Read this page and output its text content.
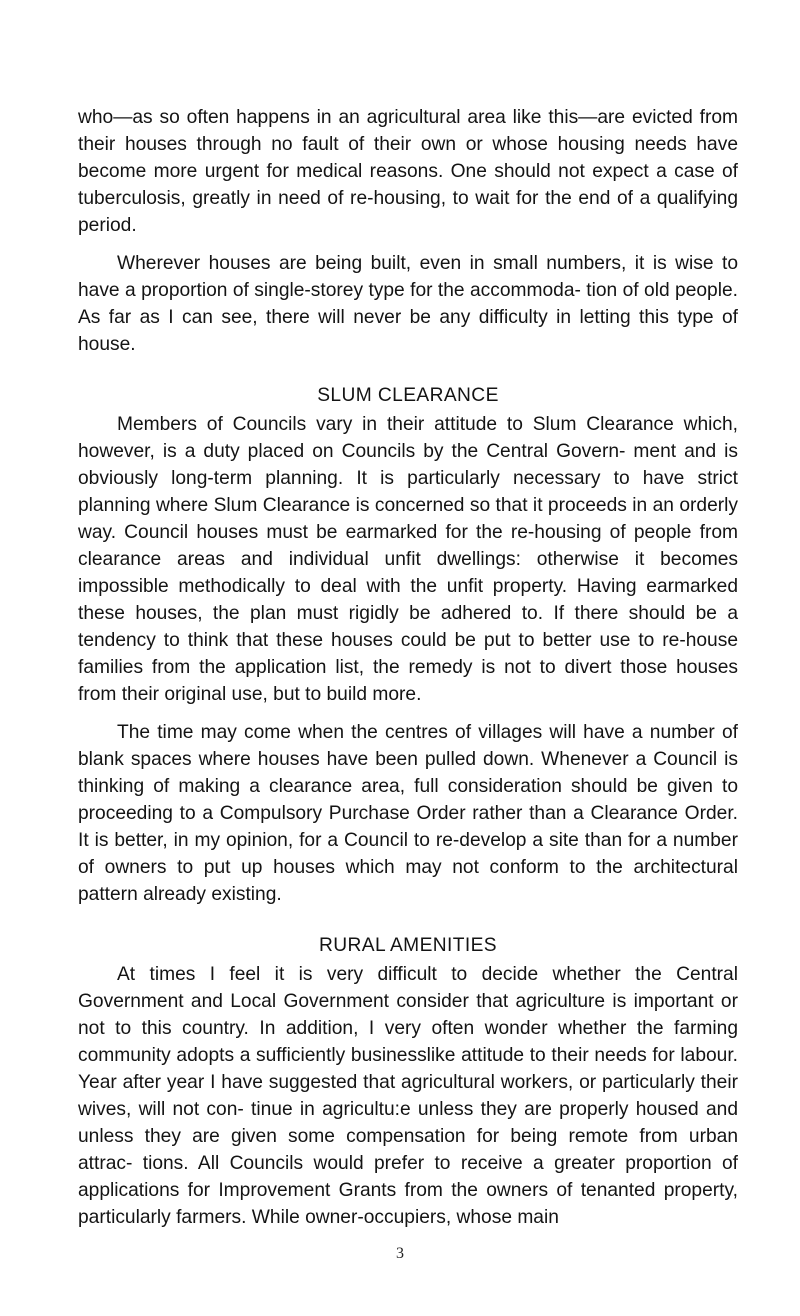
who—as so often happens in an agricultural area like this—are evicted from their houses through no fault of their own or whose housing needs have become more urgent for medical reasons. One should not expect a case of tuberculosis, greatly in need of re-housing, to wait for the end of a qualifying period.

Wherever houses are being built, even in small numbers, it is wise to have a proportion of single-storey type for the accommoda- tion of old people. As far as I can see, there will never be any difficulty in letting this type of house.

SLUM CLEARANCE

Members of Councils vary in their attitude to Slum Clearance which, however, is a duty placed on Councils by the Central Govern- ment and is obviously long-term planning. It is particularly necessary to have strict planning where Slum Clearance is concerned so that it proceeds in an orderly way. Council houses must be earmarked for the re-housing of people from clearance areas and individual unfit dwellings: otherwise it becomes impossible methodically to deal with the unfit property. Having earmarked these houses, the plan must rigidly be adhered to. If there should be a tendency to think that these houses could be put to better use to re-house families from the application list, the remedy is not to divert those houses from their original use, but to build more.

The time may come when the centres of villages will have a number of blank spaces where houses have been pulled down. Whenever a Council is thinking of making a clearance area, full consideration should be given to proceeding to a Compulsory Purchase Order rather than a Clearance Order. It is better, in my opinion, for a Council to re-develop a site than for a number of owners to put up houses which may not conform to the architectural pattern already existing.

RURAL AMENITIES

At times I feel it is very difficult to decide whether the Central Government and Local Government consider that agriculture is important or not to this country. In addition, I very often wonder whether the farming community adopts a sufficiently businesslike attitude to their needs for labour. Year after year I have suggested that agricultural workers, or particularly their wives, will not con- tinue in agricultu:e unless they are properly housed and unless they are given some compensation for being remote from urban attrac- tions. All Councils would prefer to receive a greater proportion of applications for Improvement Grants from the owners of tenanted property, particularly farmers. While owner-occupiers, whose main

3
